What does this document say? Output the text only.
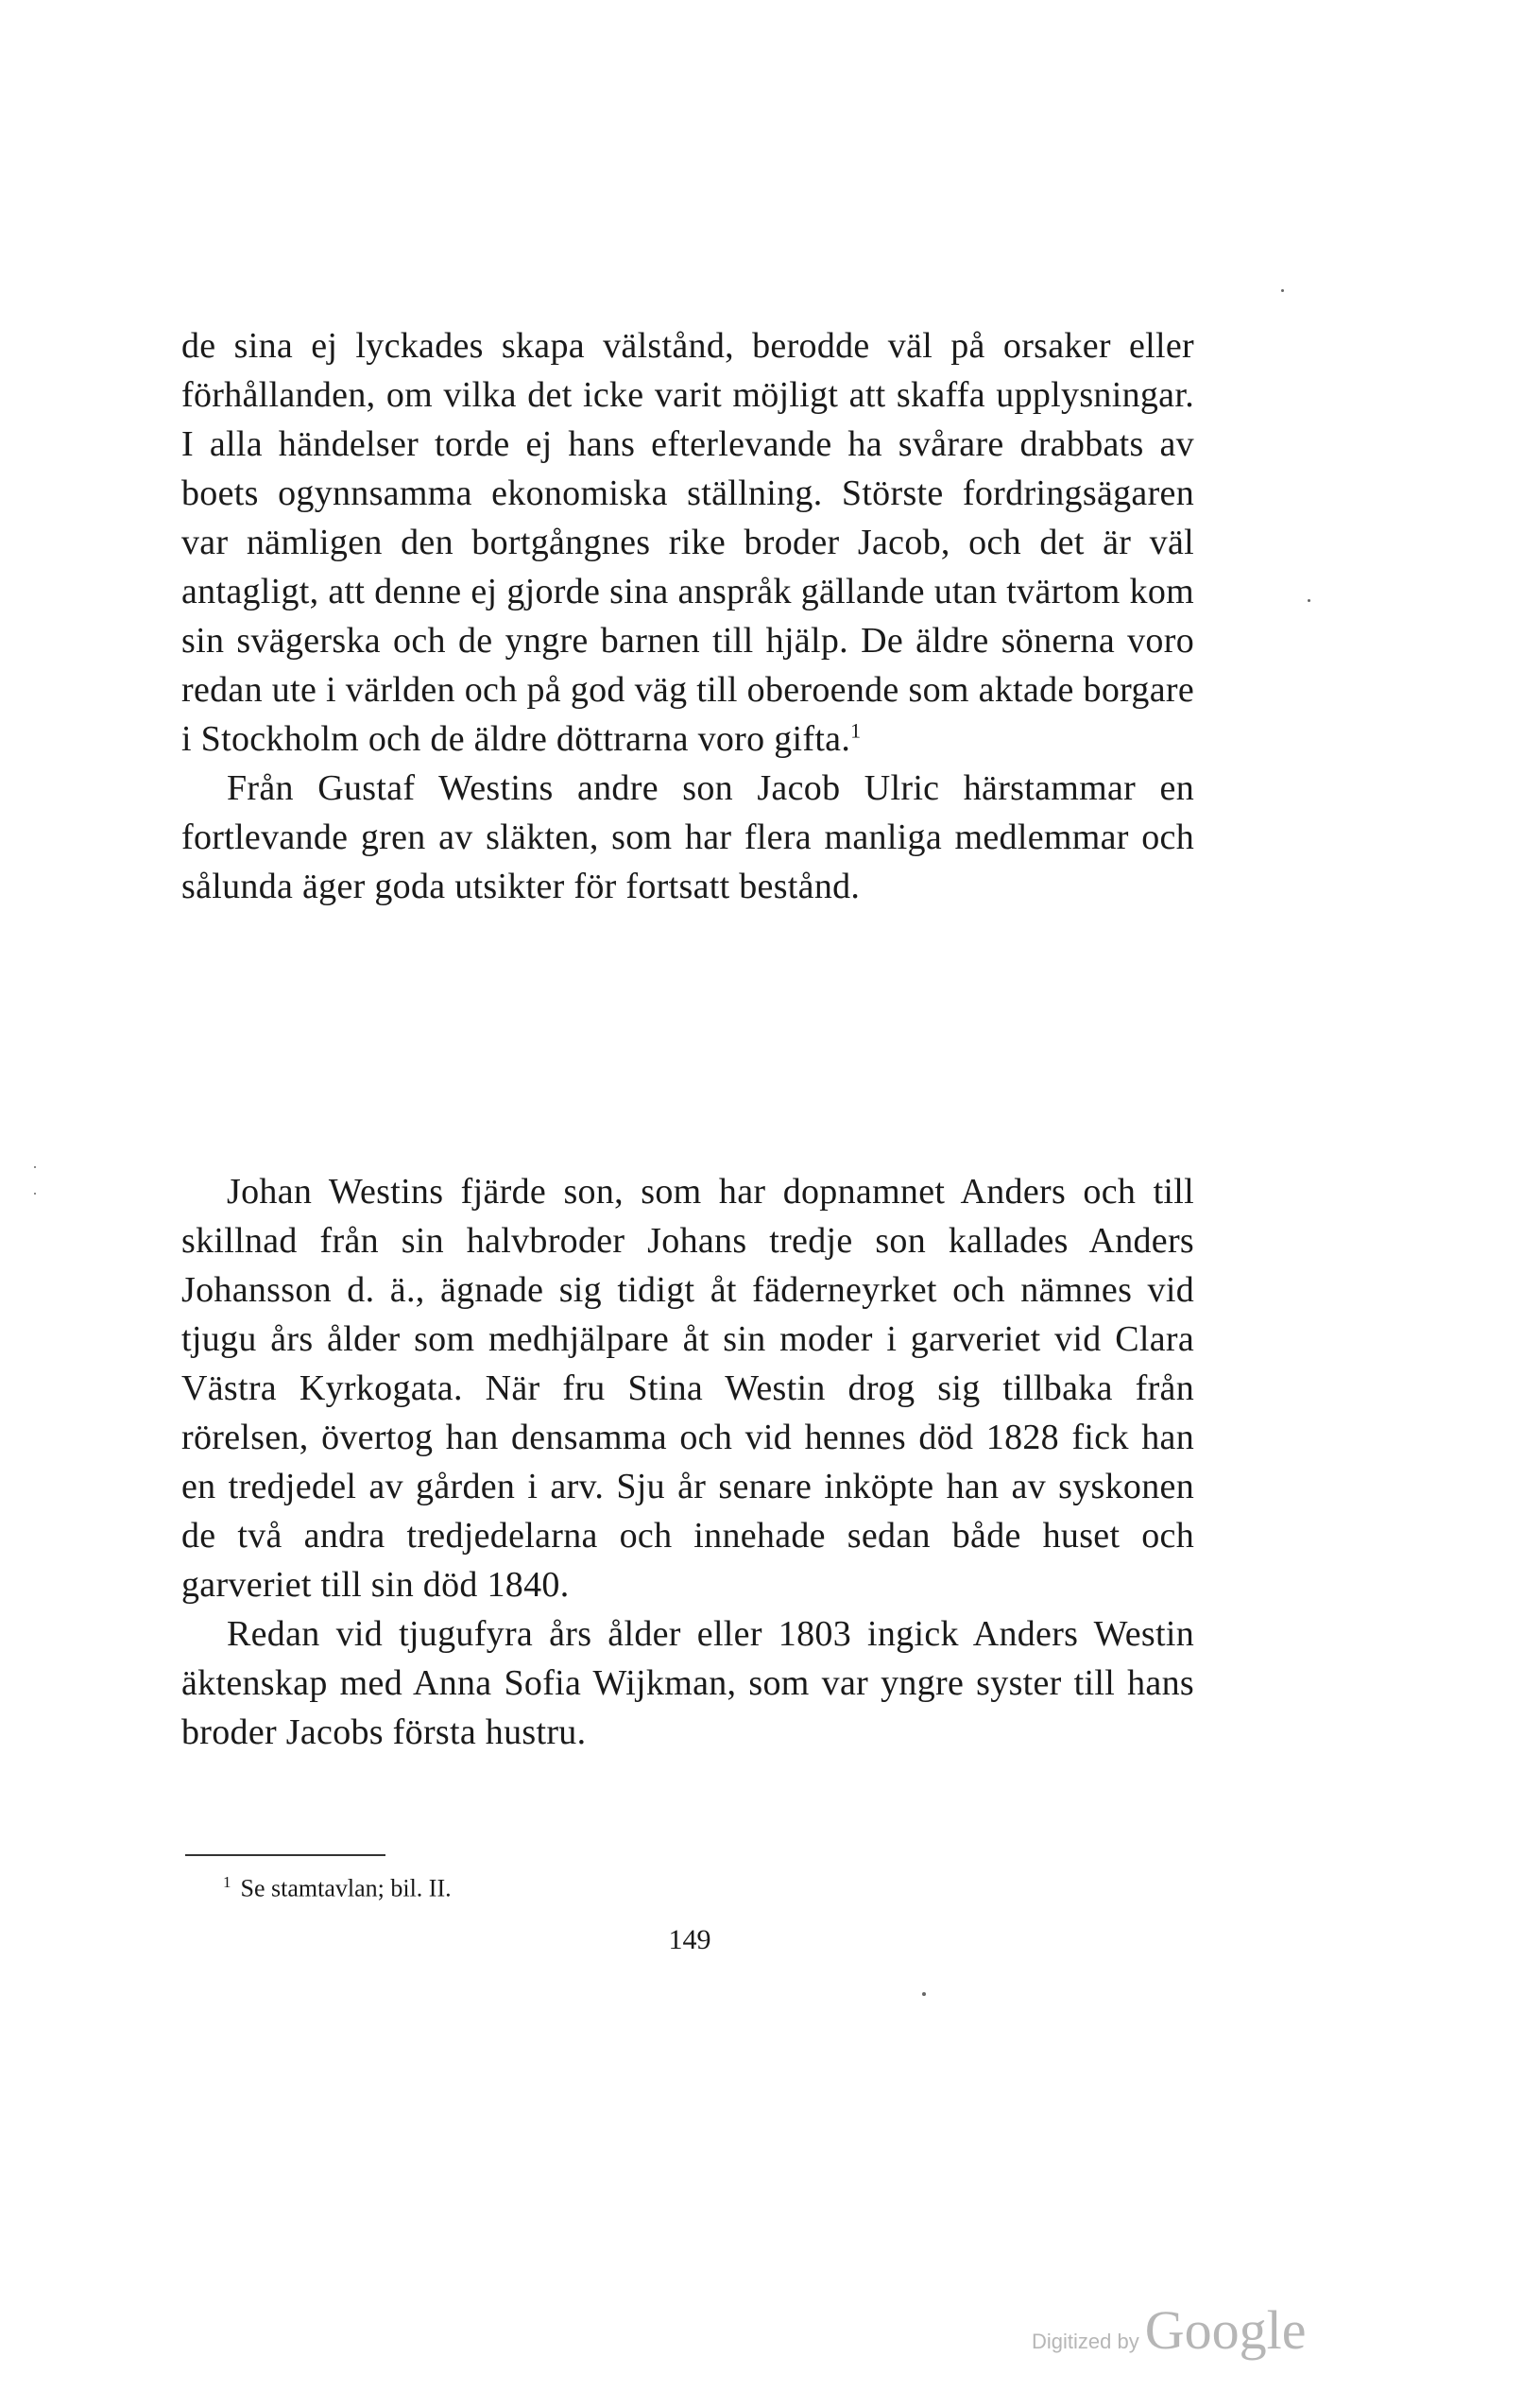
de sina ej lyckades skapa välstånd, berodde väl på orsaker eller förhållanden, om vilka det icke varit möjligt att skaffa upplysningar. I alla händelser torde ej hans efterlevande ha svårare drabbats av boets ogynnsamma ekonomiska ställning. Störste fordringsägaren var nämligen den bortgångnes rike broder Jacob, och det är väl antagligt, att denne ej gjorde sina anspråk gällande utan tvärtom kom sin svägerska och de yngre barnen till hjälp. De äldre sönerna voro redan ute i världen och på god väg till oberoende som aktade borgare i Stockholm och de äldre döttrarna voro gifta.$^1$

Från Gustaf Westins andre son Jacob Ulric härstammar en fortlevande gren av släkten, som har flera manliga medlemmar och sålunda äger goda utsikter för fortsatt bestånd.

Johan Westins fjärde son, som har dopnamnet Anders och till skillnad från sin halvbroder Johans tredje son kallades Anders Johansson d. ä., ägnade sig tidigt åt fäderneyrket och nämnes vid tjugu års ålder som medhjälpare åt sin moder i garveriet vid Clara Västra Kyrkogata. När fru Stina Westin drog sig tillbaka från rörelsen, övertog han densamma och vid hennes död 1828 fick han en tredjedel av gården i arv. Sju år senare inköpte han av syskonen de två andra tredjedelarna och innehade sedan både huset och garveriet till sin död 1840.

Redan vid tjugufyra års ålder eller 1803 ingick Anders Westin äktenskap med Anna Sofia Wijkman, som var yngre syster till hans broder Jacobs första hustru.

$^1$ Se stamtavlan; bil. II.
149
Digitized by Google
